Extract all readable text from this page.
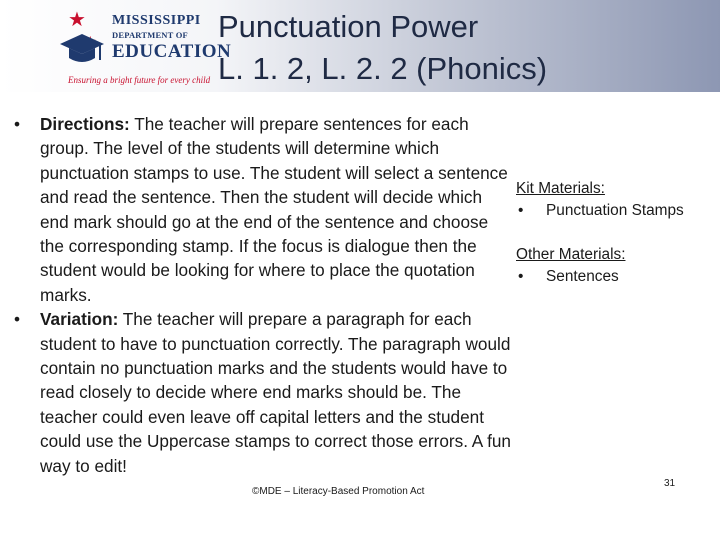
★ MISSISSIPPI
DEPARTMENT OF
EDUCATION
Ensuring a bright future for every child
Punctuation Power
L. 1. 2, L. 2. 2 (Phonics)
• Directions: The teacher will prepare sentences for each group. The level of the students will determine which punctuation stamps to use. The student will select a sentence and read the sentence. Then the student will decide which end mark should go at the end of the sentence and choose the corresponding stamp. If the focus is dialogue then the student would be looking for where to place the quotation marks.
• Variation: The teacher will prepare a paragraph for each student to have to punctuation correctly. The paragraph would contain no punctuation marks and the students would have to read closely to decide where end marks should be. The teacher could even leave off capital letters and the student could use the Uppercase stamps to correct those errors. A fun way to edit!
Kit Materials:
• Punctuation Stamps
Other Materials:
• Sentences
©MDE – Literacy-Based Promotion Act
31
